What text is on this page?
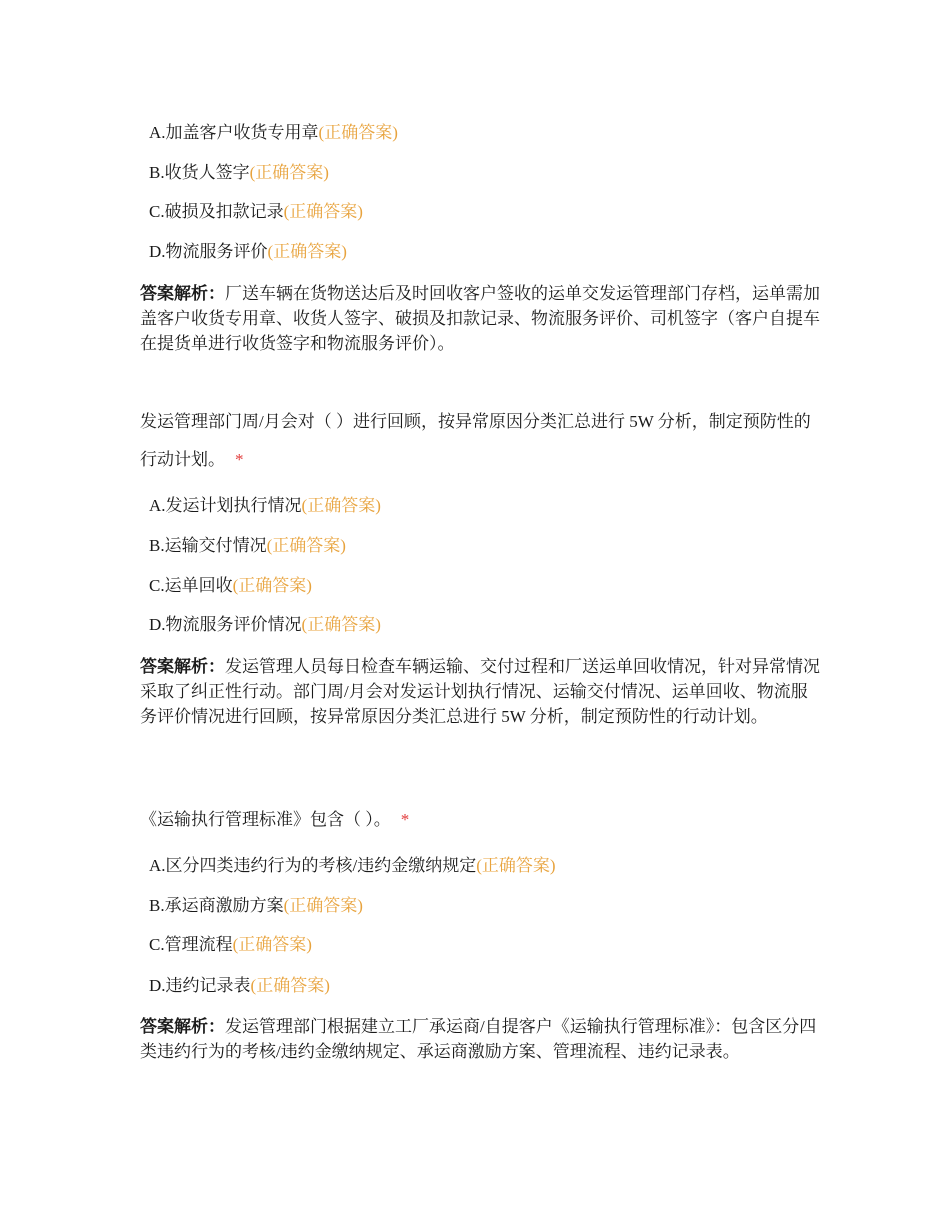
A.加盖客户收货专用章(正确答案)
B.收货人签字(正确答案)
C.破损及扣款记录(正确答案)
D.物流服务评价(正确答案)
答案解析：厂送车辆在货物送达后及时回收客户签收的运单交发运管理部门存档，运单需加盖客户收货专用章、收货人签字、破损及扣款记录、物流服务评价、司机签字（客户自提车在提货单进行收货签字和物流服务评价）。
发运管理部门周/月会对（ ）进行回顾，按异常原因分类汇总进行 5W 分析，制定预防性的行动计划。 *
A.发运计划执行情况(正确答案)
B.运输交付情况(正确答案)
C.运单回收(正确答案)
D.物流服务评价情况(正确答案)
答案解析：发运管理人员每日检查车辆运输、交付过程和厂送运单回收情况，针对异常情况采取了纠正性行动。部门周/月会对发运计划执行情况、运输交付情况、运单回收、物流服务评价情况进行回顾，按异常原因分类汇总进行 5W 分析，制定预防性的行动计划。
《运输执行管理标准》包含（ ）。 *
A.区分四类违约行为的考核/违约金缴纳规定(正确答案)
B.承运商激励方案(正确答案)
C.管理流程(正确答案)
D.违约记录表(正确答案)
答案解析：发运管理部门根据建立工厂承运商/自提客户《运输执行管理标准》：包含区分四类违约行为的考核/违约金缴纳规定、承运商激励方案、管理流程、违约记录表。
